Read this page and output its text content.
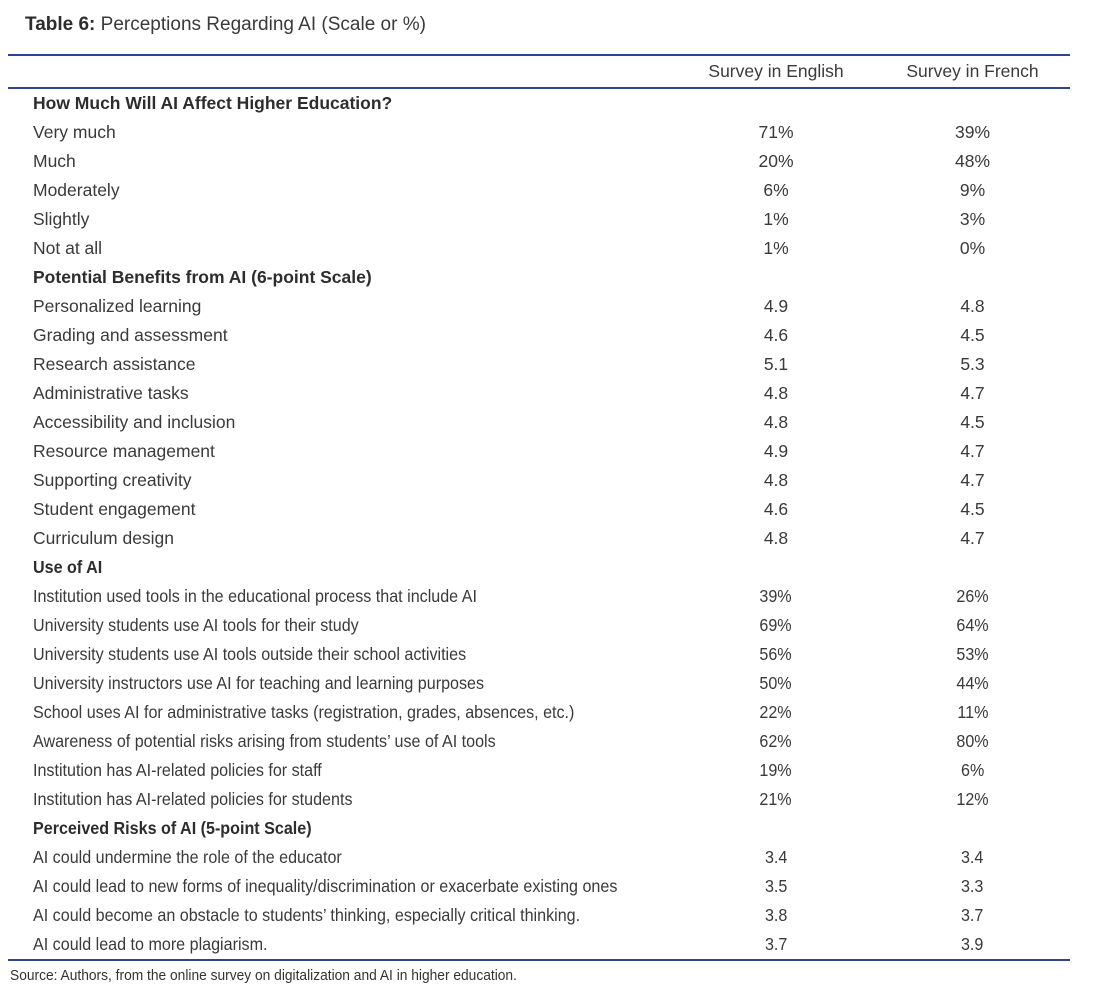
Table 6: Perceptions Regarding AI (Scale or %)
	Survey in English	Survey in French
How Much Will AI Affect Higher Education?		
Very much	71%	39%
Much	20%	48%
Moderately	6%	9%
Slightly	1%	3%
Not at all	1%	0%
Potential Benefits from AI (6-point Scale)		
Personalized learning	4.9	4.8
Grading and assessment	4.6	4.5
Research assistance	5.1	5.3
Administrative tasks	4.8	4.7
Accessibility and inclusion	4.8	4.5
Resource management	4.9	4.7
Supporting creativity	4.8	4.7
Student engagement	4.6	4.5
Curriculum design	4.8	4.7
Use of AI		
Institution used tools in the educational process that include AI	39%	26%
University students use AI tools for their study	69%	64%
University students use AI tools outside their school activities	56%	53%
University instructors use AI for teaching and learning purposes	50%	44%
School uses AI for administrative tasks (registration, grades, absences, etc.)	22%	11%
Awareness of potential risks arising from students’ use of AI tools	62%	80%
Institution has AI-related policies for staff	19%	6%
Institution has AI-related policies for students	21%	12%
Perceived Risks of AI (5-point Scale)		
AI could undermine the role of the educator	3.4	3.4
AI could lead to new forms of inequality/discrimination or exacerbate existing ones	3.5	3.3
AI could become an obstacle to students’ thinking, especially critical thinking.	3.8	3.7
AI could lead to more plagiarism.	3.7	3.9
Source: Authors, from the online survey on digitalization and AI in higher education.
